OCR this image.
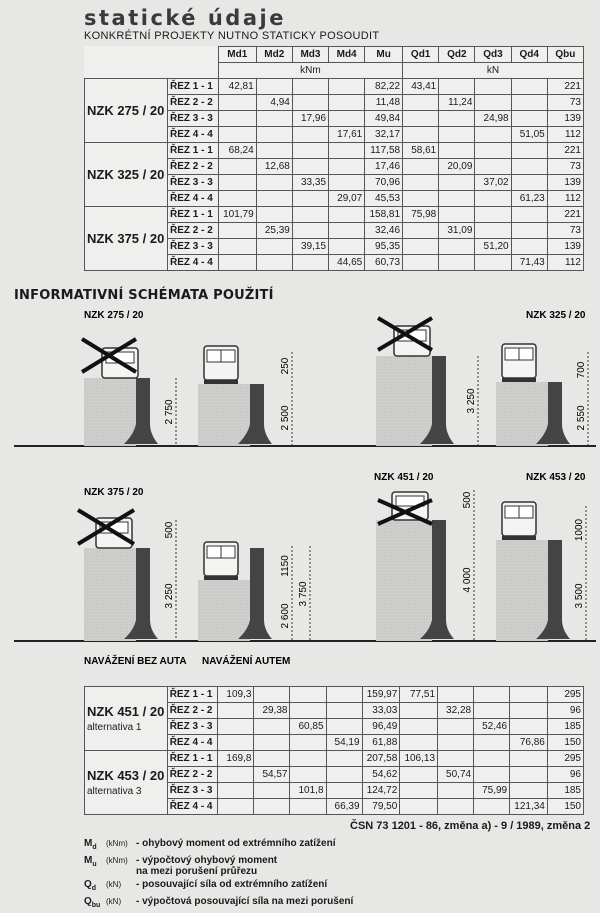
statické údaje
KONKRÉTNÍ PROJEKTY NUTNO STATICKY POSOUDIT
		Md1	Md2	Md3	Md4	Mu	Qd1	Qd2	Qd3	Qd4	Qbu
		kNm					kN				
NZK 275 / 20	ŘEZ 1 - 1	42,81				82,22	43,41				221
	ŘEZ 2 - 2		4,94			11,48		11,24			73
	ŘEZ 3 - 3			17,96		49,84			24,98		139
	ŘEZ 4 - 4				17,61	32,17				51,05	112
NZK 325 / 20	ŘEZ 1 - 1	68,24				117,58	58,61				221
	ŘEZ 2 - 2		12,68			17,46		20,09			73
	ŘEZ 3 - 3			33,35		70,96			37,02		139
	ŘEZ 4 - 4				29,07	45,53				61,23	112
NZK 375 / 20	ŘEZ 1 - 1	101,79				158,81	75,98				221
	ŘEZ 2 - 2		25,39			32,46		31,09			73
	ŘEZ 3 - 3			39,15		95,35			51,20		139
	ŘEZ 4 - 4				44,65	60,73				71,43	112
INFORMATIVNÍ SCHÉMATA POUŽITÍ
NZK 275 / 20
2 750
250
2 500
NZK 325 / 20
3 250
700
2 550
NZK 375 / 20
500
3 250
1150
2 600
3 750
NZK 451 / 20
500
4 000
NZK 453 / 20
1000
3 500
NAVÁŽENÍ BEZ AUTA NAVÁŽENÍ AUTEM
NZK 451 / 20
alternativa 1	ŘEZ 1 - 1	109,3				159,97	77,51				295
	ŘEZ 2 - 2		29,38			33,03		32,28			96
	ŘEZ 3 - 3			60,85		96,49			52,46		185
	ŘEZ 4 - 4				54,19	61,88				76,86	150
NZK 453 / 20
alternativa 3	ŘEZ 1 - 1	169,8				207,58	106,13				295
	ŘEZ 2 - 2		54,57			54,62		50,74			96
	ŘEZ 3 - 3			101,8		124,72			75,99		185
	ŘEZ 4 - 4				66,39	79,50				121,34	150
ČSN 73 1201 - 86, změna a) - 9 / 1989, změna 2
$M_d$	(kNm) - ohybový moment od extrémního zatížení
$M_u$	(kNm) - výpočtový ohybový moment
na mezi porušení průřezu
$Q_d$	(kN)	- posouvající síla od extrémního zatížení
$Q_{bu}$ (kN)	- výpočtová posouvající síla na mezi porušení
